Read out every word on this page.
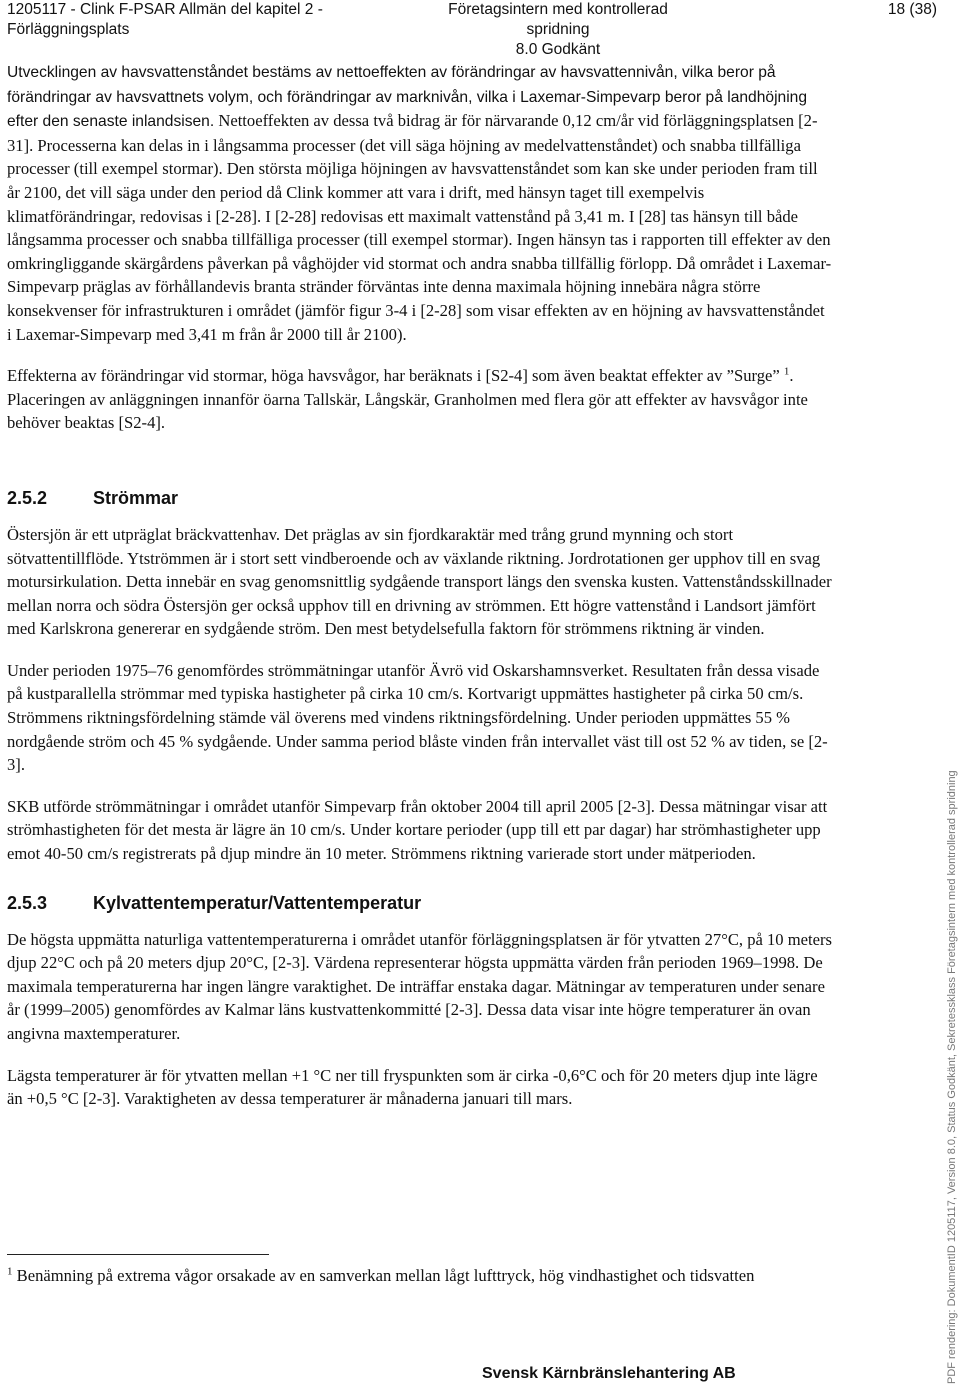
1205117 - Clink F-PSAR Allmän del kapitel 2 -
Förläggningsplats
Företagsintern med kontrollerad spridning
8.0 Godkänt
18 (38)

Utvecklingen av havsvattenståndet bestäms av nettoeffekten av förändringar av havsvattennivån, vilka beror på förändringar av havsvattnets volym, och förändringar av marknivån, vilka i Laxemar-Simpevarp beror på landhöjning efter den senaste inlandsisen. Nettoeffekten av dessa två bidrag är för närvarande 0,12 cm/år vid förläggningsplatsen [2-31]. Processerna kan delas in i långsamma processer (det vill säga höjning av medelvattenståndet) och snabba tillfälliga processer (till exempel stormar). Den största möjliga höjningen av havsvattenståndet som kan ske under perioden fram till år 2100, det vill säga under den period då Clink kommer att vara i drift, med hänsyn taget till exempelvis klimatförändringar, redovisas i [2-28]. I [2-28] redovisas ett maximalt vattenstånd på 3,41 m. I [28] tas hänsyn till både långsamma processer och snabba tillfälliga processer (till exempel stormar). Ingen hänsyn tas i rapporten till effekter av den omkringliggande skärgårdens påverkan på våghöjder vid stormat och andra snabba tillfällig förlopp. Då området i Laxemar-Simpevarp präglas av förhållandevis branta stränder förväntas inte denna maximala höjning innebära några större konsekvenser för infrastrukturen i området (jämför figur 3-4 i [2-28] som visar effekten av en höjning av havsvattenståndet i Laxemar-Simpevarp med 3,41 m från år 2000 till år 2100).

Effekterna av förändringar vid stormar, höga havsvågor, har beräknats i [S2-4] som även beaktat effekter av ”Surge” $^1$. Placeringen av anläggningen innanför öarna Tallskär, Långskär, Granholmen med flera gör att effekter av havsvågor inte behöver beaktas [S2-4].

2.5.2	Strömmar

Östersjön är ett utpräglat bräckvattenhav. Det präglas av sin fjordkaraktär med trång grund mynning och stort sötvattentillflöde. Ytströmmen är i stort sett vindberoende och av växlande riktning. Jordrotationen ger upphov till en svag motursirkulation. Detta innebär en svag genomsnittlig sydgående transport längs den svenska kusten. Vattenståndsskillnader mellan norra och södra Östersjön ger också upphov till en drivning av strömmen. Ett högre vattenstånd i Landsort jämfört med Karlskrona genererar en sydgående ström. Den mest betydelsefulla faktorn för strömmens riktning är vinden.

Under perioden 1975–76 genomfördes strömmätningar utanför Ävrö vid Oskarshamnsverket. Resultaten från dessa visade på kustparallella strömmar med typiska hastigheter på cirka 10 cm/s. Kortvarigt uppmättes hastigheter på cirka 50 cm/s. Strömmens riktningsfördelning stämde väl överens med vindens riktningsfördelning. Under perioden uppmättes 55 % nordgående ström och 45 % sydgående. Under samma period blåste vinden från intervallet väst till ost 52 % av tiden, se [2-3].

SKB utförde strömmätningar i området utanför Simpevarp från oktober 2004 till april 2005 [2-3]. Dessa mätningar visar att strömhastigheten för det mesta är lägre än 10 cm/s. Under kortare perioder (upp till ett par dagar) har strömhastigheter upp emot 40-50 cm/s registrerats på djup mindre än 10 meter. Strömmens riktning varierade stort under mätperioden.

2.5.3	Kylvattentemperatur/Vattentemperatur

De högsta uppmätta naturliga vattentemperaturerna i området utanför förläggningsplatsen är för ytvatten 27°C, på 10 meters djup 22°C och på 20 meters djup 20°C, [2-3]. Värdena representerar högsta uppmätta värden från perioden 1969–1998. De maximala temperaturerna har ingen längre varaktighet. De inträffar enstaka dagar. Mätningar av temperaturen under senare år (1999–2005) genomfördes av Kalmar läns kustvattenkommitté [2-3]. Dessa data visar inte högre temperaturer än ovan angivna maxtemperaturer.

Lägsta temperaturer är för ytvatten mellan +1 °C ner till fryspunkten som är cirka -0,6°C och för 20 meters djup inte lägre än +0,5 °C [2-3]. Varaktigheten av dessa temperaturer är månaderna januari till mars.

$^1$ Benämning på extrema vågor orsakade av en samverkan mellan lågt lufttryck, hög vindhastighet och tidsvatten
Svensk Kärnbränslehantering AB	PDF rendering: DokumentID 1205117, Version 8.0, Status Godkänt, Sekretessklass Företagsintern med kontrollerad spridning
